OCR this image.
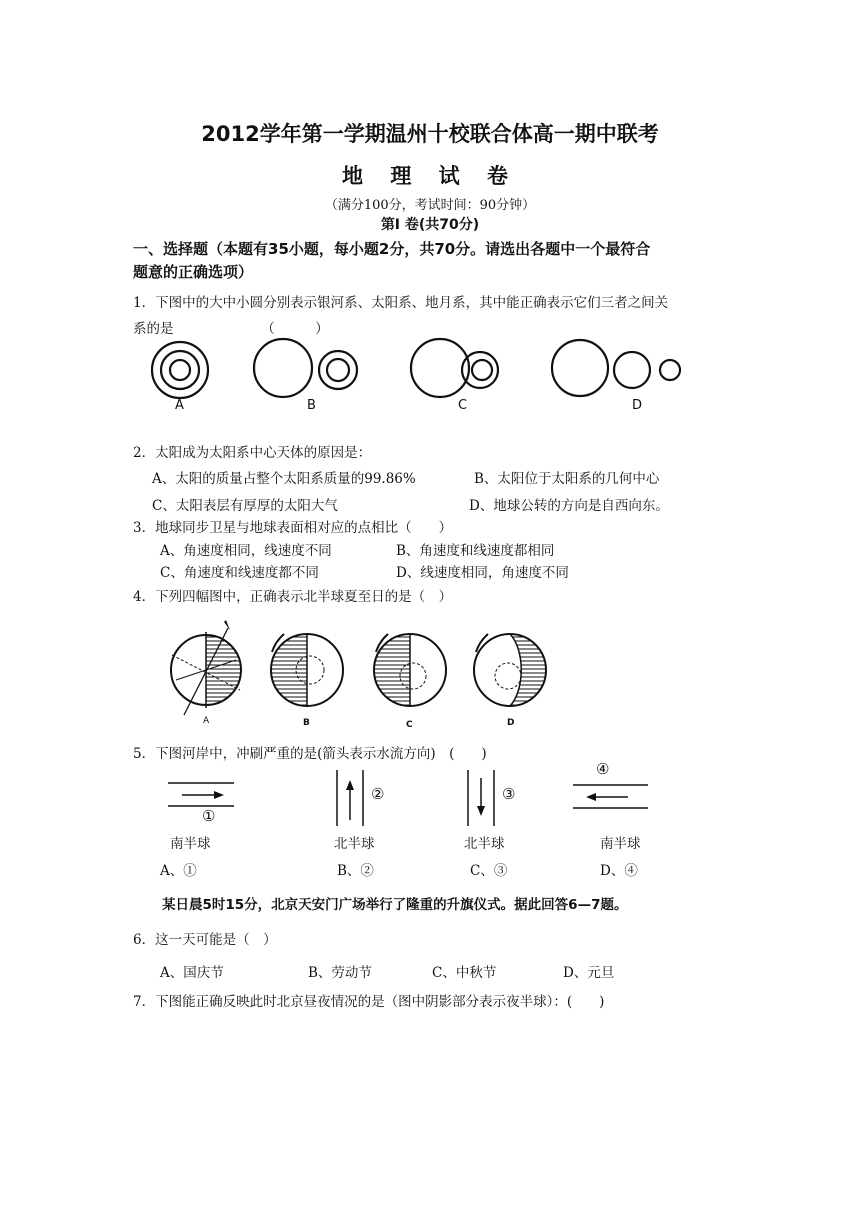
2012学年第一学期温州十校联合体高一期中联考
地 理 试 卷
（满分100分，考试时间：90分钟）
第Ⅰ 卷(共70分)
一、选择题（本题有35小题，每小题2分，共70分。请选出各题中一个最符合
题意的正确选项）
1．下图中的大中小圆分别表示银河系、太阳系、地月系，其中能正确表示它们三者之间关
系的是　　　　　　　（　　　）
A	B	C	D
2．太阳成为太阳系中心天体的原因是：
A、太阳的质量占整个太阳系质量的99.86%	B、太阳位于太阳系的几何中心
C、太阳表层有厚厚的太阳大气	D、地球公转的方向是自西向东。
3．地球同步卫星与地球表面相对应的点相比（　　）
A、角速度相同，线速度不同	B、角速度和线速度都相同
C、角速度和线速度都不同	D、线速度相同，角速度不同
4．下列四幅图中，正确表示北半球夏至日的是（　）
A	B	C	D
5．下图河岸中，冲刷严重的是(箭头表示水流方向)　(　　)
①
②	③
④
南半球	北半球	北半球	南半球
A、①	B、②	C、③	D、④
某日晨5时15分，北京天安门广场举行了隆重的升旗仪式。据此回答6—7题。
6．这一天可能是（　）
A、国庆节	B、劳动节	C、中秋节	D、元旦
7．下图能正确反映此时北京昼夜情况的是（图中阴影部分表示夜半球）：(　　)
